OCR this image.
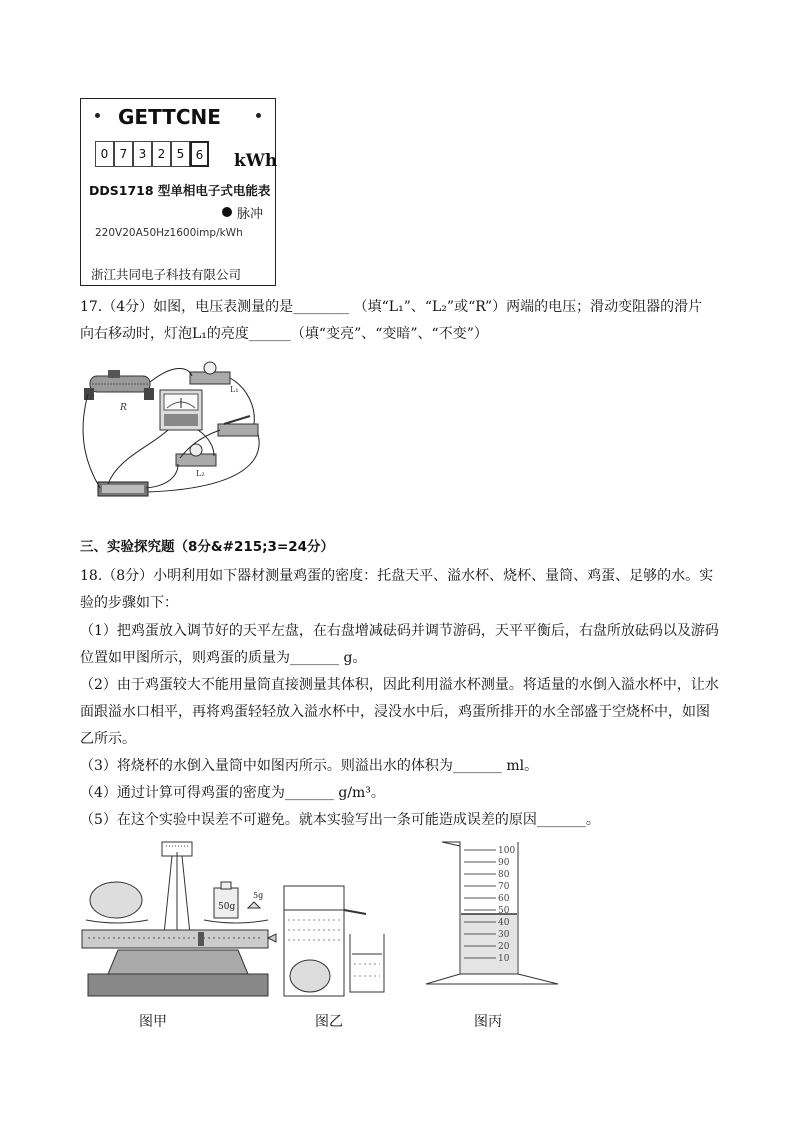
GETTCNE
0 7 3 2 5 6	kWh
DDS1718 型单相电子式电能表
脉冲
220V20A50Hz1600imp/kWh
浙江共同电子科技有限公司
17.（4分）如图，电压表测量的是________ （填“L₁”、“L₂”或“R”）两端的电压；滑动变阻器的滑片
向右移动时，灯泡L₁的亮度______（填“变亮”、“变暗”、“不变”）
R
L₁
L₂
三、实验探究题（8分&#215;3=24分）
18.（8分）小明利用如下器材测量鸡蛋的密度：托盘天平、溢水杯、烧杯、量筒、鸡蛋、足够的水。实
验的步骤如下：
（1）把鸡蛋放入调节好的天平左盘，在右盘增减砝码并调节游码，天平平衡后，右盘所放砝码以及游码
位置如甲图所示，则鸡蛋的质量为_______ g。
（2）由于鸡蛋较大不能用量筒直接测量其体积，因此利用溢水杯测量。将适量的水倒入溢水杯中，让水
面跟溢水口相平，再将鸡蛋轻轻放入溢水杯中，浸没水中后，鸡蛋所排开的水全部盛于空烧杯中，如图
乙所示。
（3）将烧杯的水倒入量筒中如图丙所示。则溢出水的体积为_______ ml。
（4）通过计算可得鸡蛋的密度为_______ g/m³。
（5）在这个实验中误差不可避免。就本实验写出一条可能造成误差的原因_______。
50g
5g
100
90
80
70
60
50
40
30
20
10
图甲	图乙	图丙
